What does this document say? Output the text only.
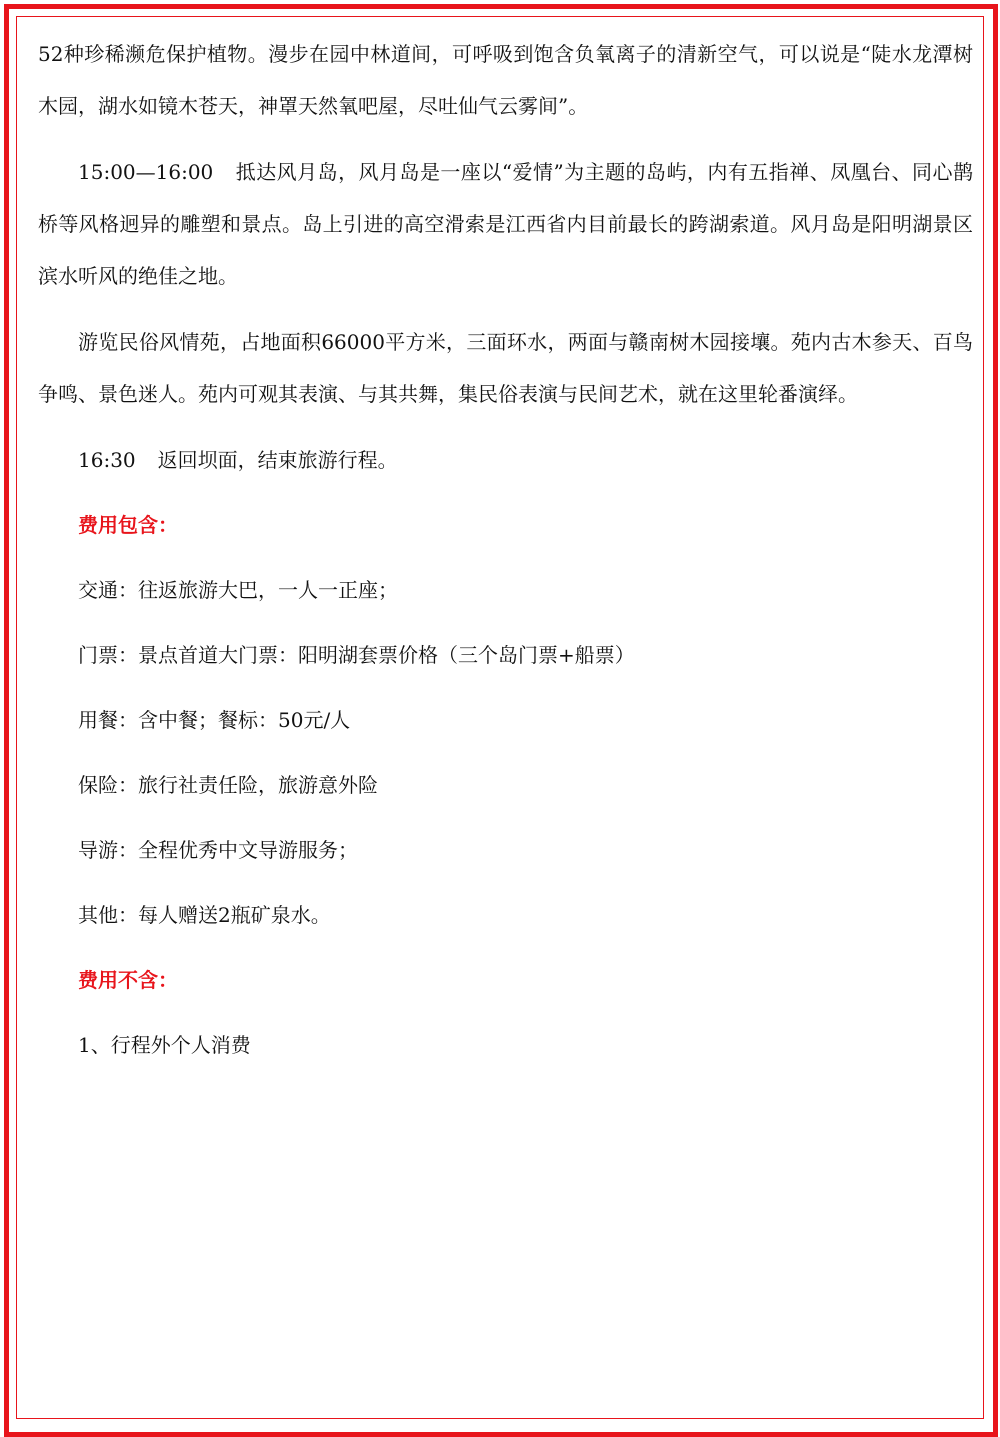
52种珍稀濒危保护植物。漫步在园中林道间，可呼吸到饱含负氧离子的清新空气，可以说是“陡水龙潭树木园，湖水如镜木苍天，神罩天然氧吧屋，尽吐仙气云雾间”。

15:00—16:00 抵达风月岛，风月岛是一座以“爱情”为主题的岛屿，内有五指禅、凤凰台、同心鹊桥等风格迥异的雕塑和景点。岛上引进的高空滑索是江西省内目前最长的跨湖索道。风月岛是阳明湖景区滨水听风的绝佳之地。

游览民俗风情苑，占地面积66000平方米，三面环水，两面与赣南树木园接壤。苑内古木参天、百鸟争鸣、景色迷人。苑内可观其表演、与其共舞，集民俗表演与民间艺术，就在这里轮番演绎。

16:30 返回坝面，结束旅游行程。

费用包含：

交通：往返旅游大巴，一人一正座；

门票：景点首道大门票：阳明湖套票价格（三个岛门票+船票）

用餐：含中餐；餐标：50元/人

保险：旅行社责任险，旅游意外险

导游：全程优秀中文导游服务；

其他：每人赠送2瓶矿泉水。

费用不含：

1、行程外个人消费
